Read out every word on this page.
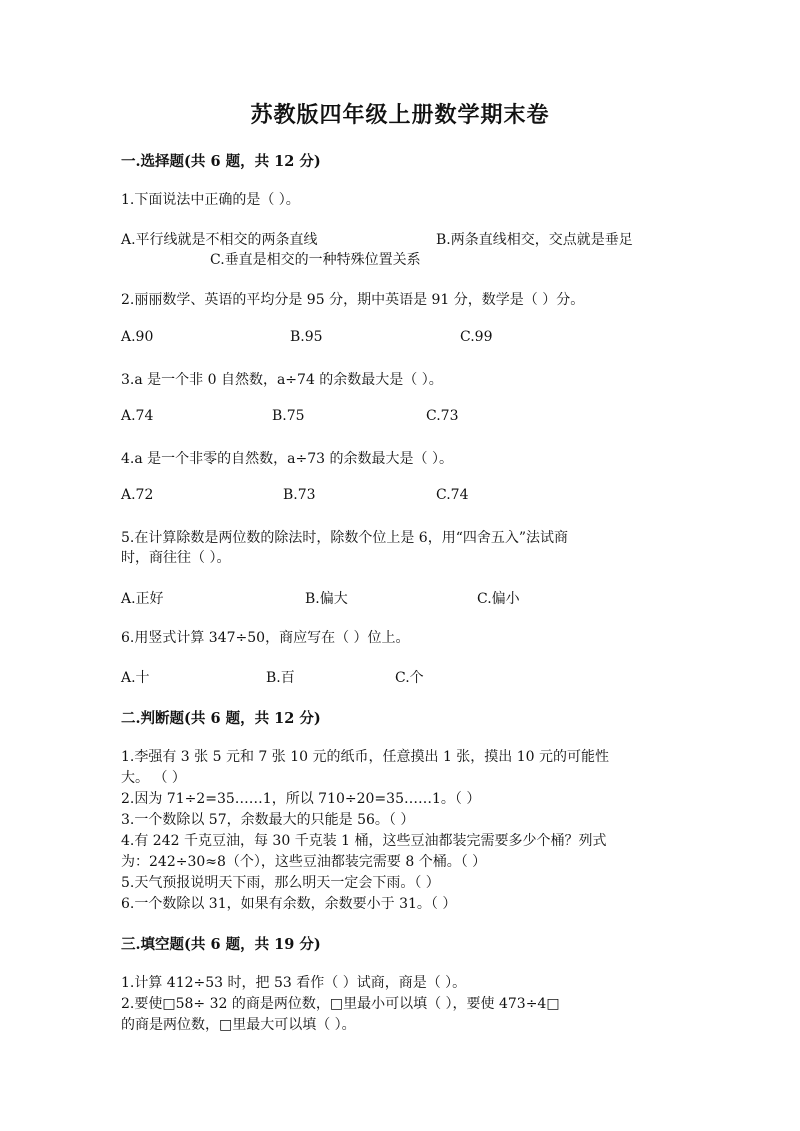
苏教版四年级上册数学期末卷
一.选择题(共 6 题，共 12 分)
1.下面说法中正确的是（ ）。
A.平行线就是不相交的两条直线	B.两条直线相交，交点就是垂足
C.垂直是相交的一种特殊位置关系
2.丽丽数学、英语的平均分是 95 分，期中英语是 91 分，数学是（ ）分。
A.90	B.95	C.99
3.a 是一个非 0 自然数，a÷74 的余数最大是（ ）。
A.74	B.75	C.73
4.a 是一个非零的自然数，a÷73 的余数最大是（ ）。
A.72	B.73	C.74
5.在计算除数是两位数的除法时，除数个位上是 6，用“四舍五入”法试商
时，商往往（ ）。
A.正好	B.偏大	C.偏小
6.用竖式计算 347÷50，商应写在（ ）位上。
A.十	B.百	C.个
二.判断题(共 6 题，共 12 分)
1.李强有 3 张 5 元和 7 张 10 元的纸币，任意摸出 1 张，摸出 10 元的可能性
大。 （ ）
2.因为 71÷2=35……1，所以 710÷20=35……1。（ ）
3.一个数除以 57，余数最大的只能是 56。（ ）
4.有 242 千克豆油，每 30 千克装 1 桶，这些豆油都装完需要多少个桶？列式
为：242÷30≈8（个），这些豆油都装完需要 8 个桶。（ ）
5.天气预报说明天下雨，那么明天一定会下雨。（ ）
6.一个数除以 31，如果有余数，余数要小于 31。（ ）
三.填空题(共 6 题，共 19 分)
1.计算 412÷53 时，把 53 看作（ ）试商，商是（ ）。
2.要使□58÷ 32 的商是两位数，□里最小可以填（ ），要使 473÷4□
的商是两位数，□里最大可以填（ ）。
